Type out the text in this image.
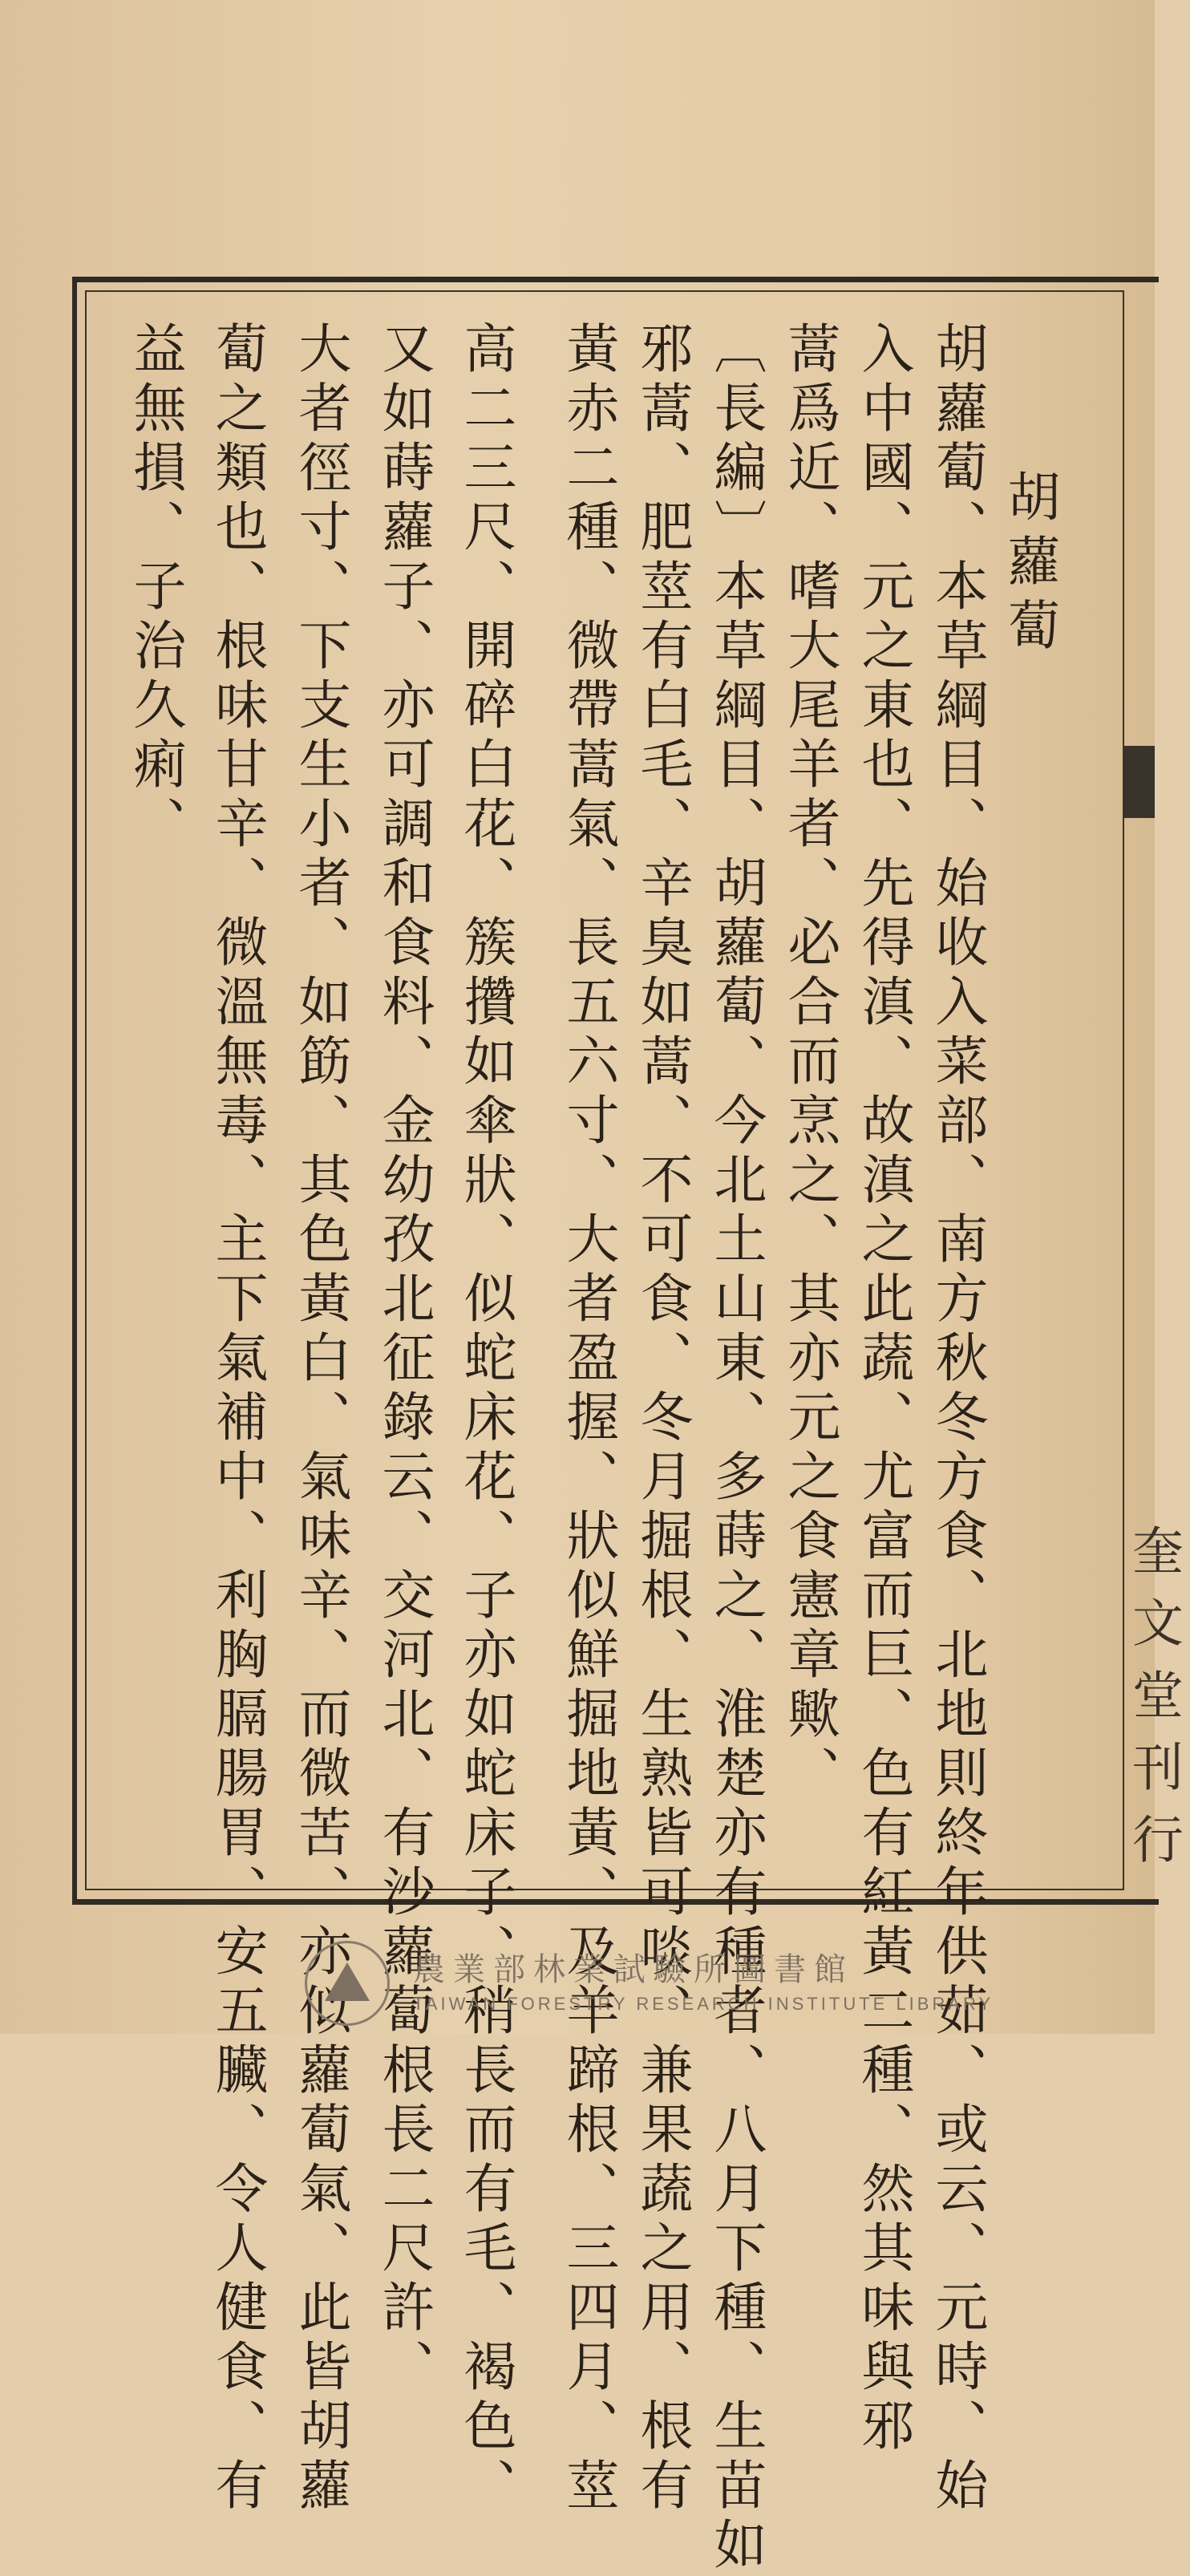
胡蘿蔔
胡蘿蔔、本草綱目、始收入菜部、南方秋冬方食、北地則終年供茹、或云、元時、始
入中國、元之東也、先得滇、故滇之此蔬、尤富而巨、色有紅黃二種、然其味與邪
蒿爲近、嗜大尾羊者、必合而烹之、其亦元之食憲章歟、
〔長編〕本草綱目、胡蘿蔔、今北土山東、多蒔之、淮楚亦有種者、八月下種、生苗如
邪蒿、肥莖有白毛、辛臭如蒿、不可食、冬月掘根、生熟皆可啖、兼果蔬之用、根有
黃赤二種、微帶蒿氣、長五六寸、大者盈握、狀似鮮掘地黃、及羊蹄根、三四月、莖
高二三尺、開碎白花、簇攢如傘狀、似蛇床花、子亦如蛇床子、稍長而有毛、褐色、
又如蒔蘿子、亦可調和食料、金幼孜北征錄云、交河北、有沙蘿蔔根長二尺許、
大者徑寸、下支生小者、如筯、其色黃白、氣味辛、而微苦、亦似蘿蔔氣、此皆胡蘿
蔔之類也、根味甘辛、微溫無毒、主下氣補中、利胸膈腸胃、安五臟、令人健食、有
益無損、子治久痢、
奎文堂刊行
農業部林業試驗所圖書館
TAIWAN FORESTRY RESEARCH INSTITUTE LIBRARY
